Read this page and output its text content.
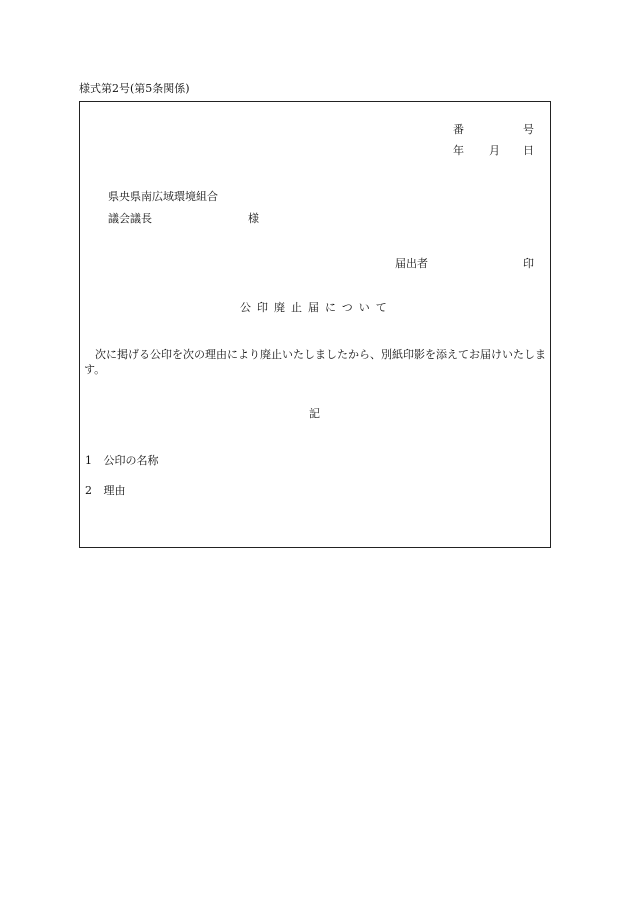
様式第2号(第5条関係)
番	号
年 月 日
県央県南広域環境組合
議会議長	様
届出者	印
公印廃止届について
次に掲げる公印を次の理由により廃止いたしましたから、別紙印影を添えてお届けいたします。
記
1 公印の名称
2 理由
